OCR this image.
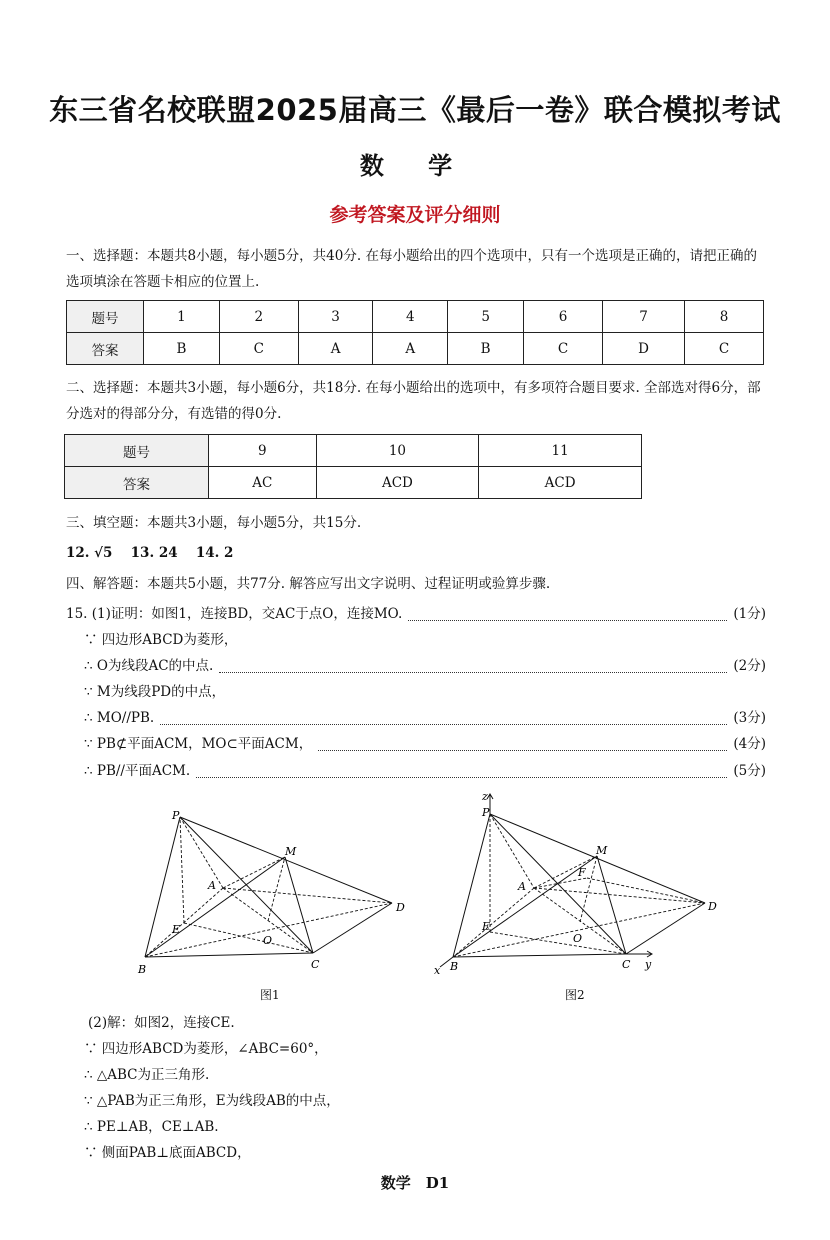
东三省名校联盟2025届高三《最后一卷》联合模拟考试
数 学
参考答案及评分细则
一、选择题：本题共8小题，每小题5分，共40分. 在每小题给出的四个选项中，只有一个选项是正确的，请把正确的选项填涂在答题卡相应的位置上.
题号	1	2	3	4	5	6	7	8
答案	B	C	A	A	B	C	D	C
二、选择题：本题共3小题，每小题6分，共18分. 在每小题给出的选项中，有多项符合题目要求. 全部选对得6分，部分选对的得部分分，有选错的得0分.
题号	9	10	11
答案	AC	ACD	ACD
三、填空题：本题共3小题，每小题5分，共15分.
12. √5　 13. 24　 14. 2
四、解答题：本题共5小题，共77分. 解答应写出文字说明、过程证明或验算步骤.
15. (1)证明：如图1，连接BD，交AC于点O，连接MO.	(1分)
∵ 四边形ABCD为菱形，
∴ O为线段AC的中点.	(2分)
∵ M为线段PD的中点，
∴ MO//PB.	(3分)
∵ PB⊄平面ACM，MO⊂平面ACM，	(4分)
∴ PB//平面ACM.	(5分)
P
M
A
D
E
O
B	C
图1
z
P
M
F
A
D
E
O
B	C
x	y
图2
(2)解：如图2，连接CE.
∵ 四边形ABCD为菱形，∠ABC=60°，
∴ △ABC为正三角形.
∵ △PAB为正三角形，E为线段AB的中点，
∴ PE⊥AB，CE⊥AB.
∵ 侧面PAB⊥底面ABCD，
数学　D1
